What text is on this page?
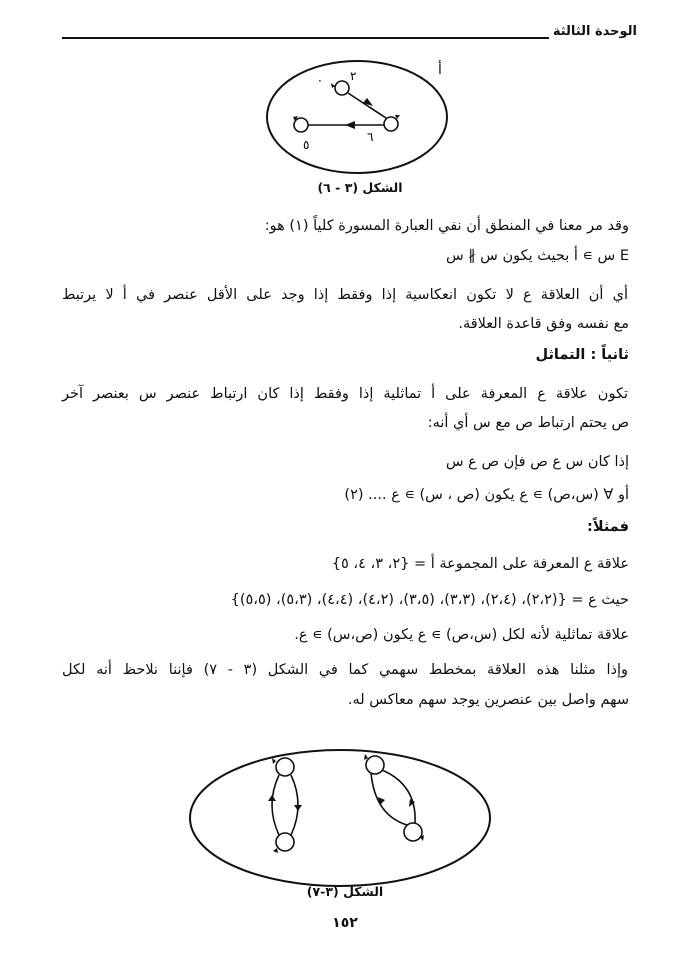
الوحدة الثالثة
· ٢
٥
٦
أ
الشكل (٣ - ٦)
وقد مر معنا في المنطق أن نفي العبارة المسورة كلياً (١) هو:
E س ∍ أ بحيث يكون س ∦ س
أي أن العلاقة ع لا تكون انعكاسية إذا وفقط إذا وجد على الأقل عنصر في أ لا يرتبط
مع نفسه وفق قاعدة العلاقة.
ثانياً : التماثل
تكون علاقة ع المعرفة على أ تماثلية إذا وفقط إذا كان ارتباط عنصر س بعنصر آخر
ص يحتم ارتباط ص مع س أي أنه:
إذا كان س ع ص فإن ص ع س
أو ∀ (س،ص) ∍ ع يكون (ص ، س) ∍ ع .... (٢)
فمثلاً:
علاقة ع المعرفة على المجموعة أ = {٢، ٣، ٤، ٥}
حيث ع = {(٢،٢)، (٢،٤)، (٣،٣)، (٣،٥)، (٤،٢)، (٤،٤)، (٥،٣)، (٥،٥)}
علاقة تماثلية لأنه لكل (س،ص) ∍ ع يكون (ص،س) ∍ ع.
وإذا مثلنا هذه العلاقة بمخطط سهمي كما في الشكل (٣ - ٧) فإننا نلاحظ أنه لكل
سهم واصل بين عنصرين يوجد سهم معاكس له.
الشكل (٣-٧)
١٥٢
